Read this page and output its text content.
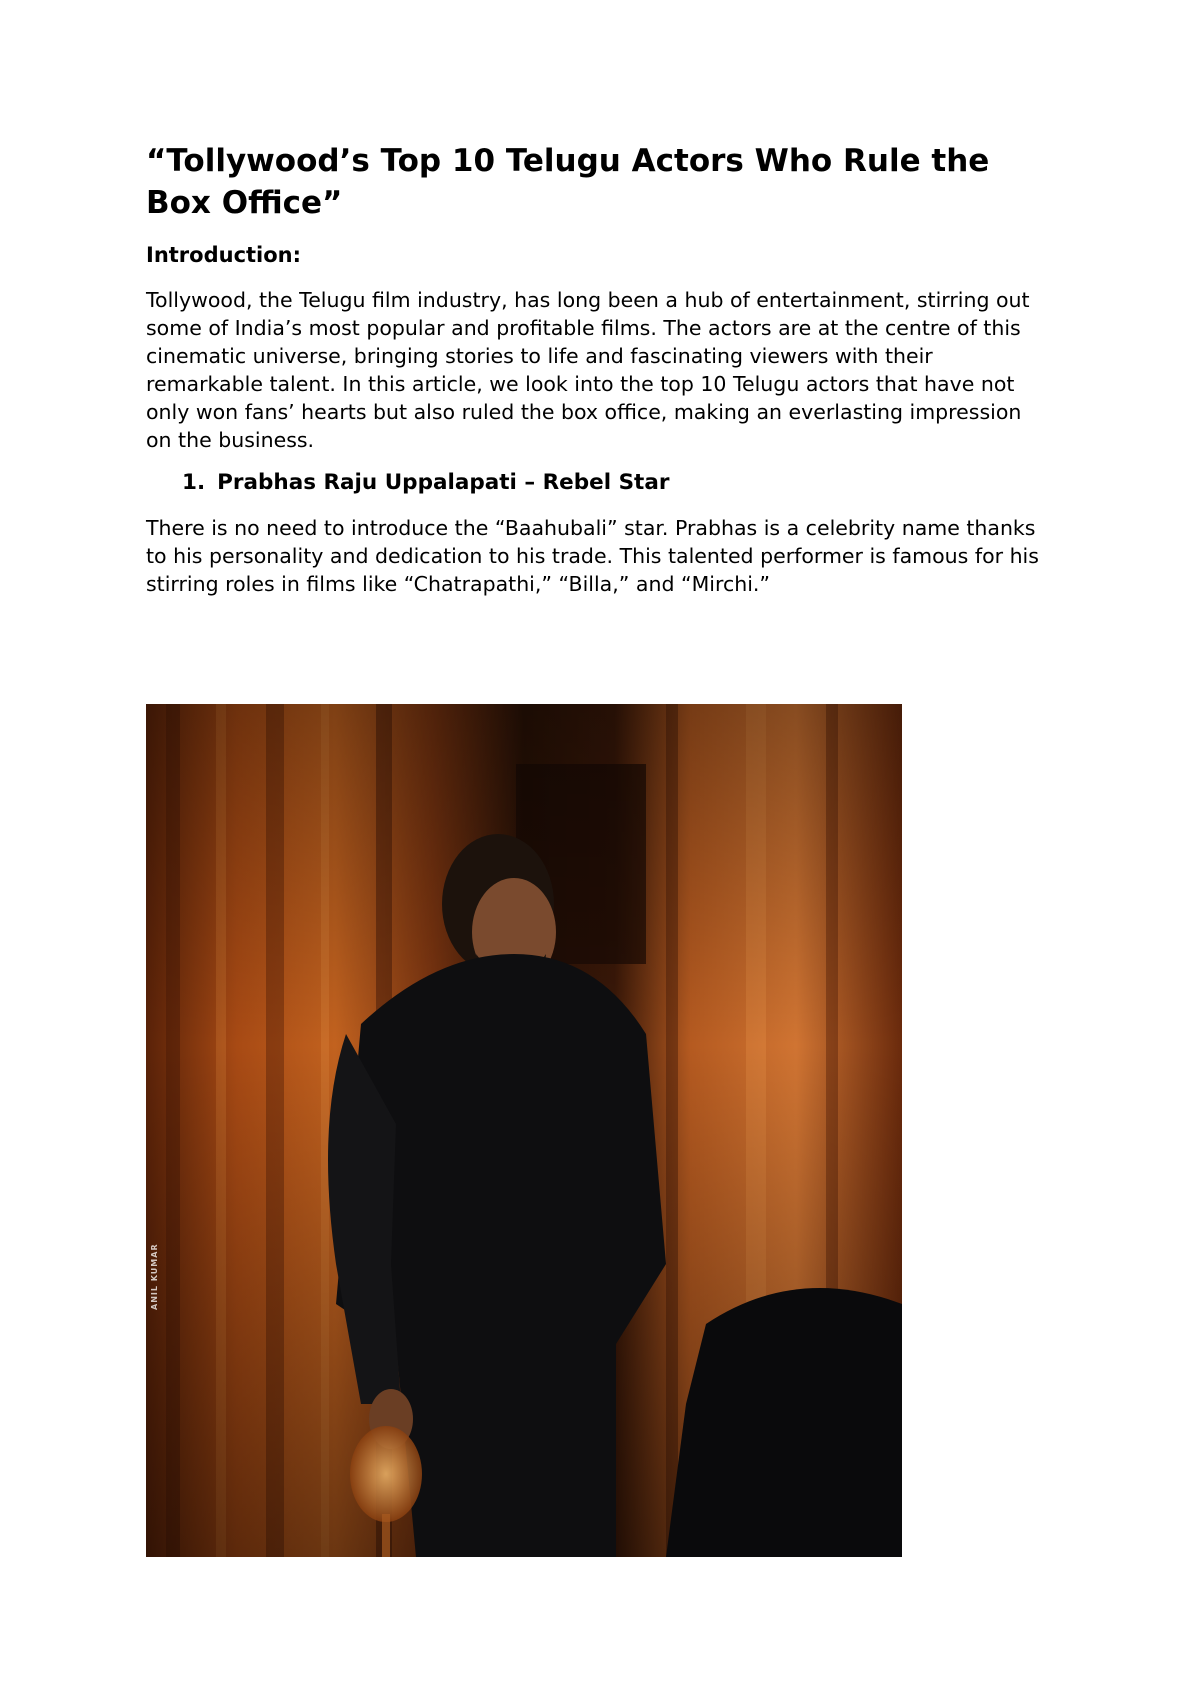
“Tollywood’s Top 10 Telugu Actors Who Rule the Box Office”
Introduction:

Tollywood, the Telugu film industry, has long been a hub of entertainment, stirring out some of India’s most popular and profitable films. The actors are at the centre of this cinematic universe, bringing stories to life and fascinating viewers with their remarkable talent. In this article, we look into the top 10 Telugu actors that have not only won fans’ hearts but also ruled the box office, making an everlasting impression on the business.

1. Prabhas Raju Uppalapati – Rebel Star

There is no need to introduce the “Baahubali” star. Prabhas is a celebrity name thanks to his personality and dedication to his trade. This talented performer is famous for his stirring roles in films like “Chatrapathi,” “Billa,” and “Mirchi.”

ANIL KUMAR
